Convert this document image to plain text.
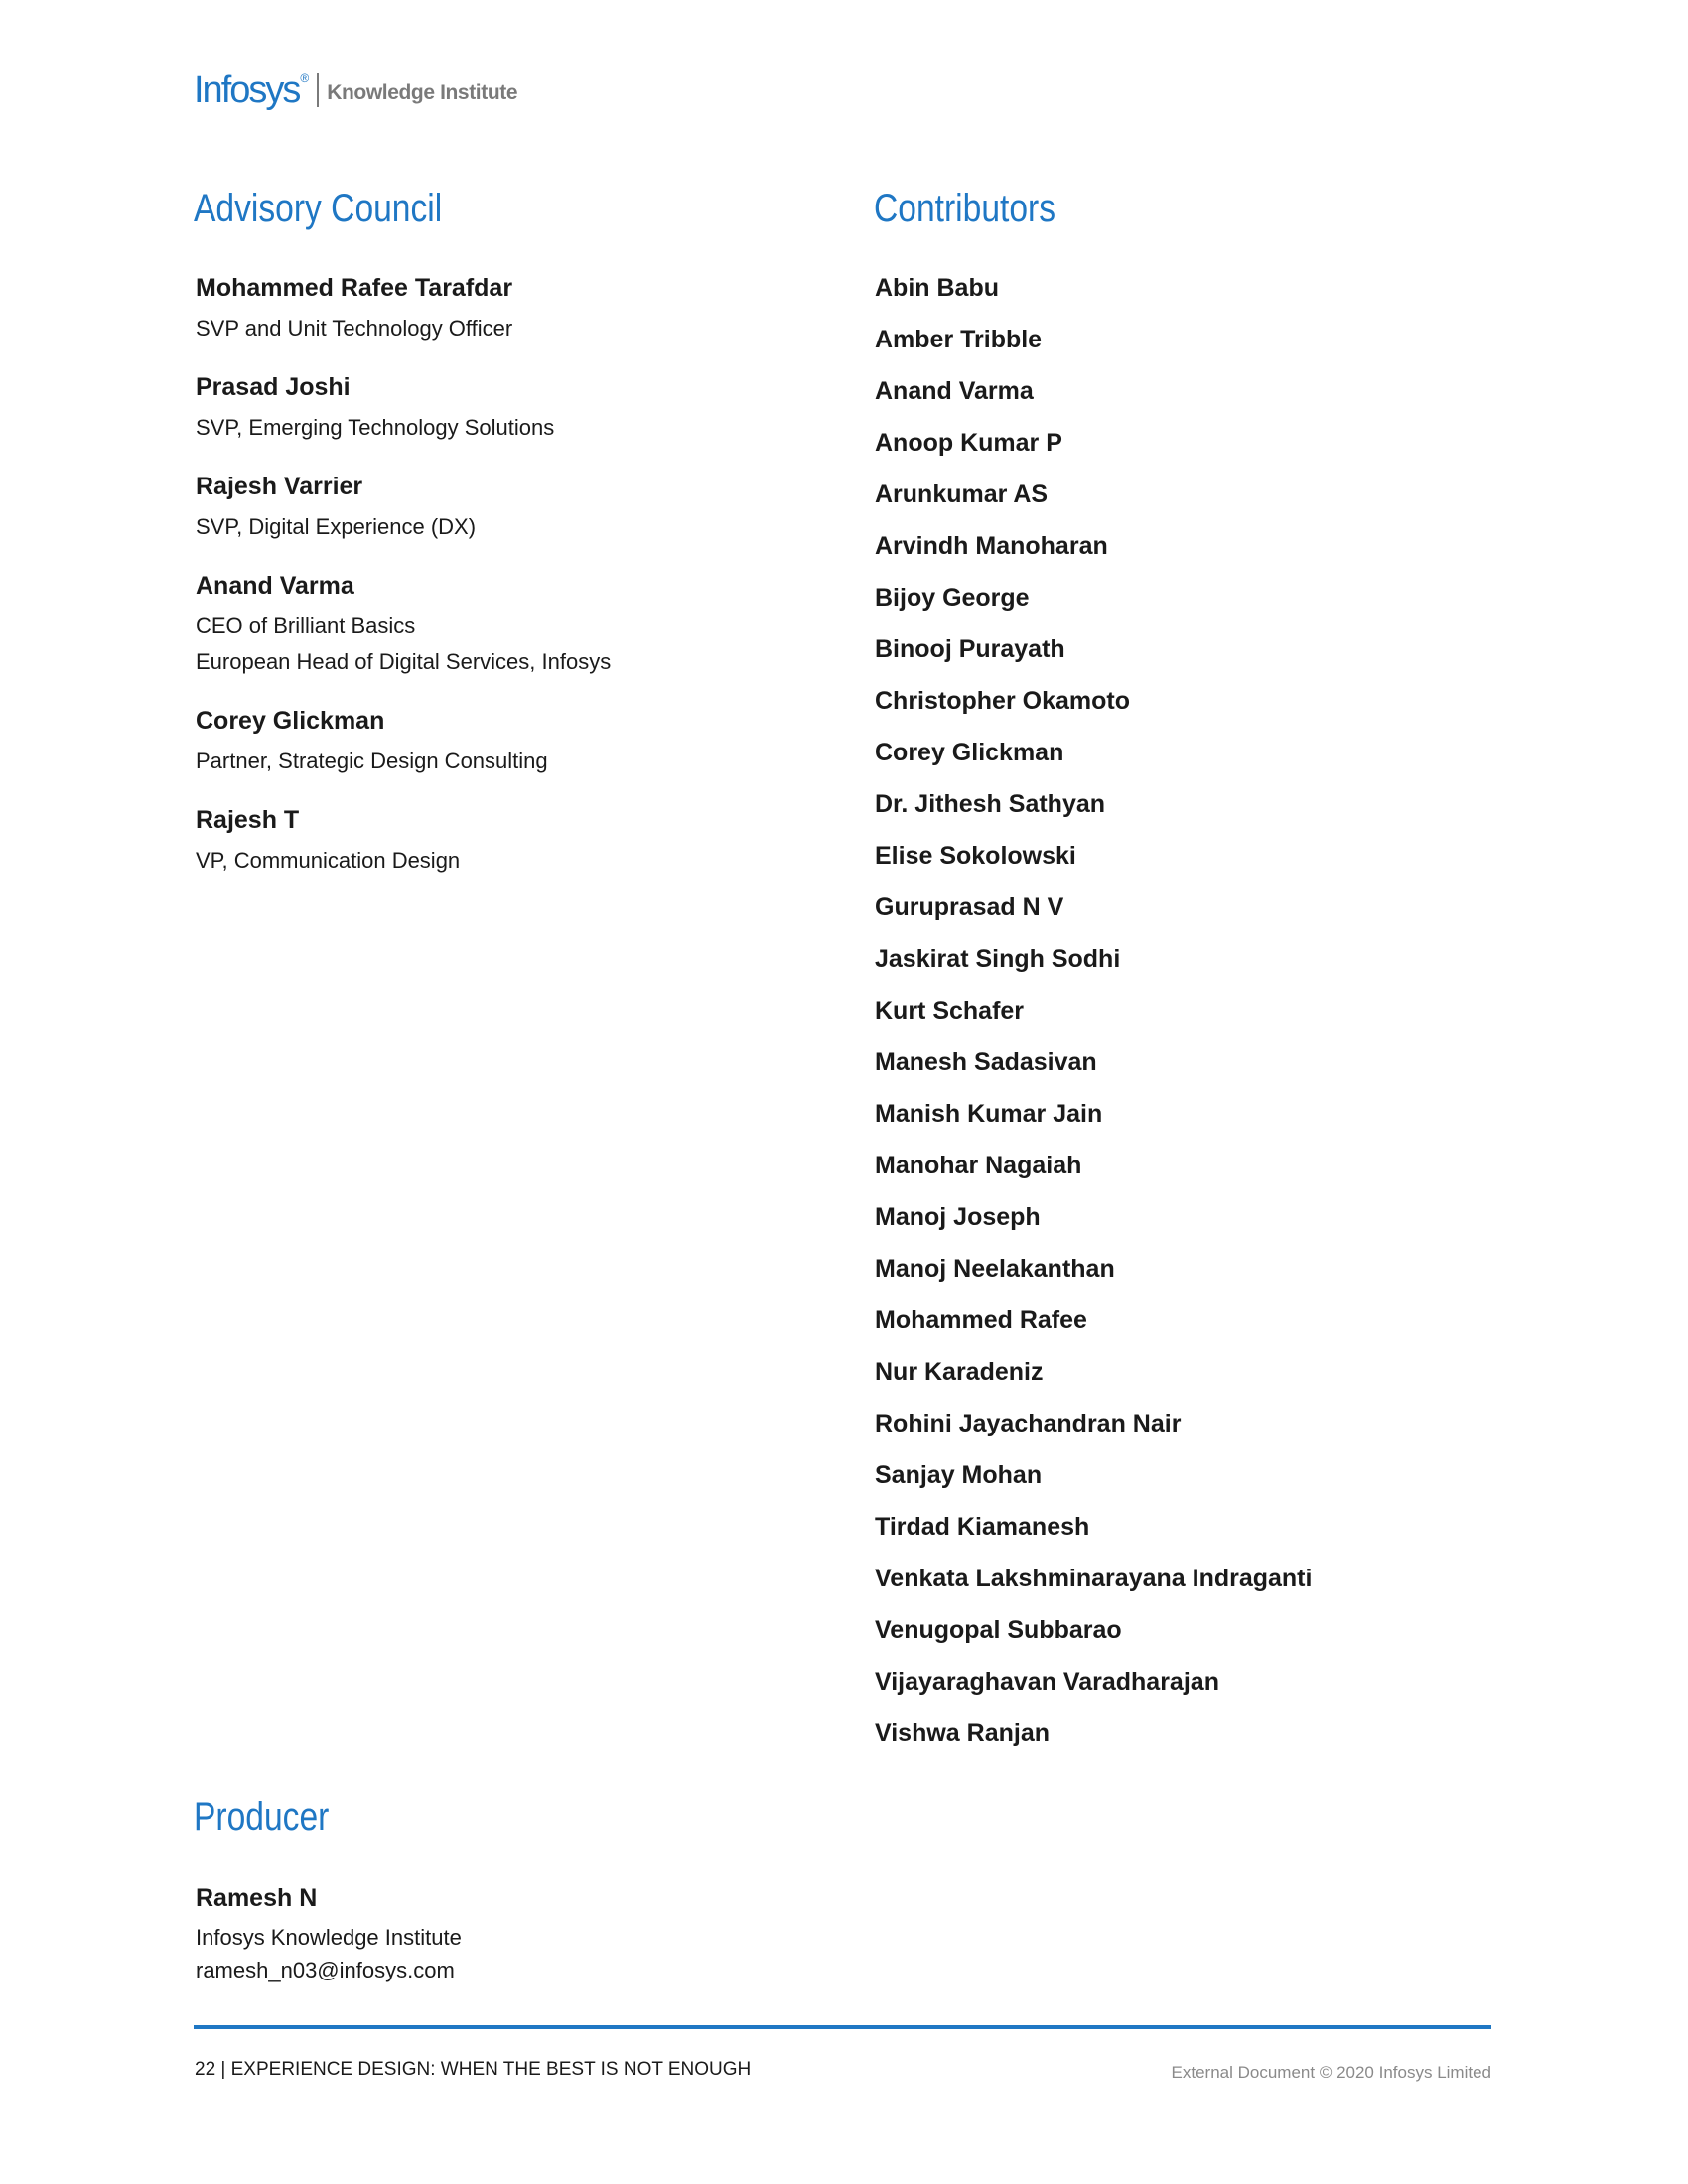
Infosys ®
Knowledge Institute
Advisory Council	Contributors
Producer
Mohammed Rafee Tarafdar
SVP and Unit Technology Officer
Prasad Joshi
SVP, Emerging Technology Solutions
Rajesh Varrier
SVP, Digital Experience (DX)
Anand Varma
CEO of Brilliant Basics
European Head of Digital Services, Infosys
Corey Glickman
Partner, Strategic Design Consulting
Rajesh T
VP, Communication Design
Abin Babu
Amber Tribble
Anand Varma
Anoop Kumar P
Arunkumar AS
Arvindh Manoharan
Bijoy George
Binooj Purayath
Christopher Okamoto
Corey Glickman
Dr. Jithesh Sathyan
Elise Sokolowski
Guruprasad N V
Jaskirat Singh Sodhi
Kurt Schafer
Manesh Sadasivan
Manish Kumar Jain
Manohar Nagaiah
Manoj Joseph
Manoj Neelakanthan
Mohammed Rafee
Nur Karadeniz
Rohini Jayachandran Nair
Sanjay Mohan
Tirdad Kiamanesh
Venkata Lakshminarayana Indraganti
Venugopal Subbarao
Vijayaraghavan Varadharajan
Vishwa Ranjan
Ramesh N
Infosys Knowledge Institute
ramesh_n03@infosys.com
22 | EXPERIENCE DESIGN: WHEN THE BEST IS NOT ENOUGH	External Document © 2020 Infosys Limited
